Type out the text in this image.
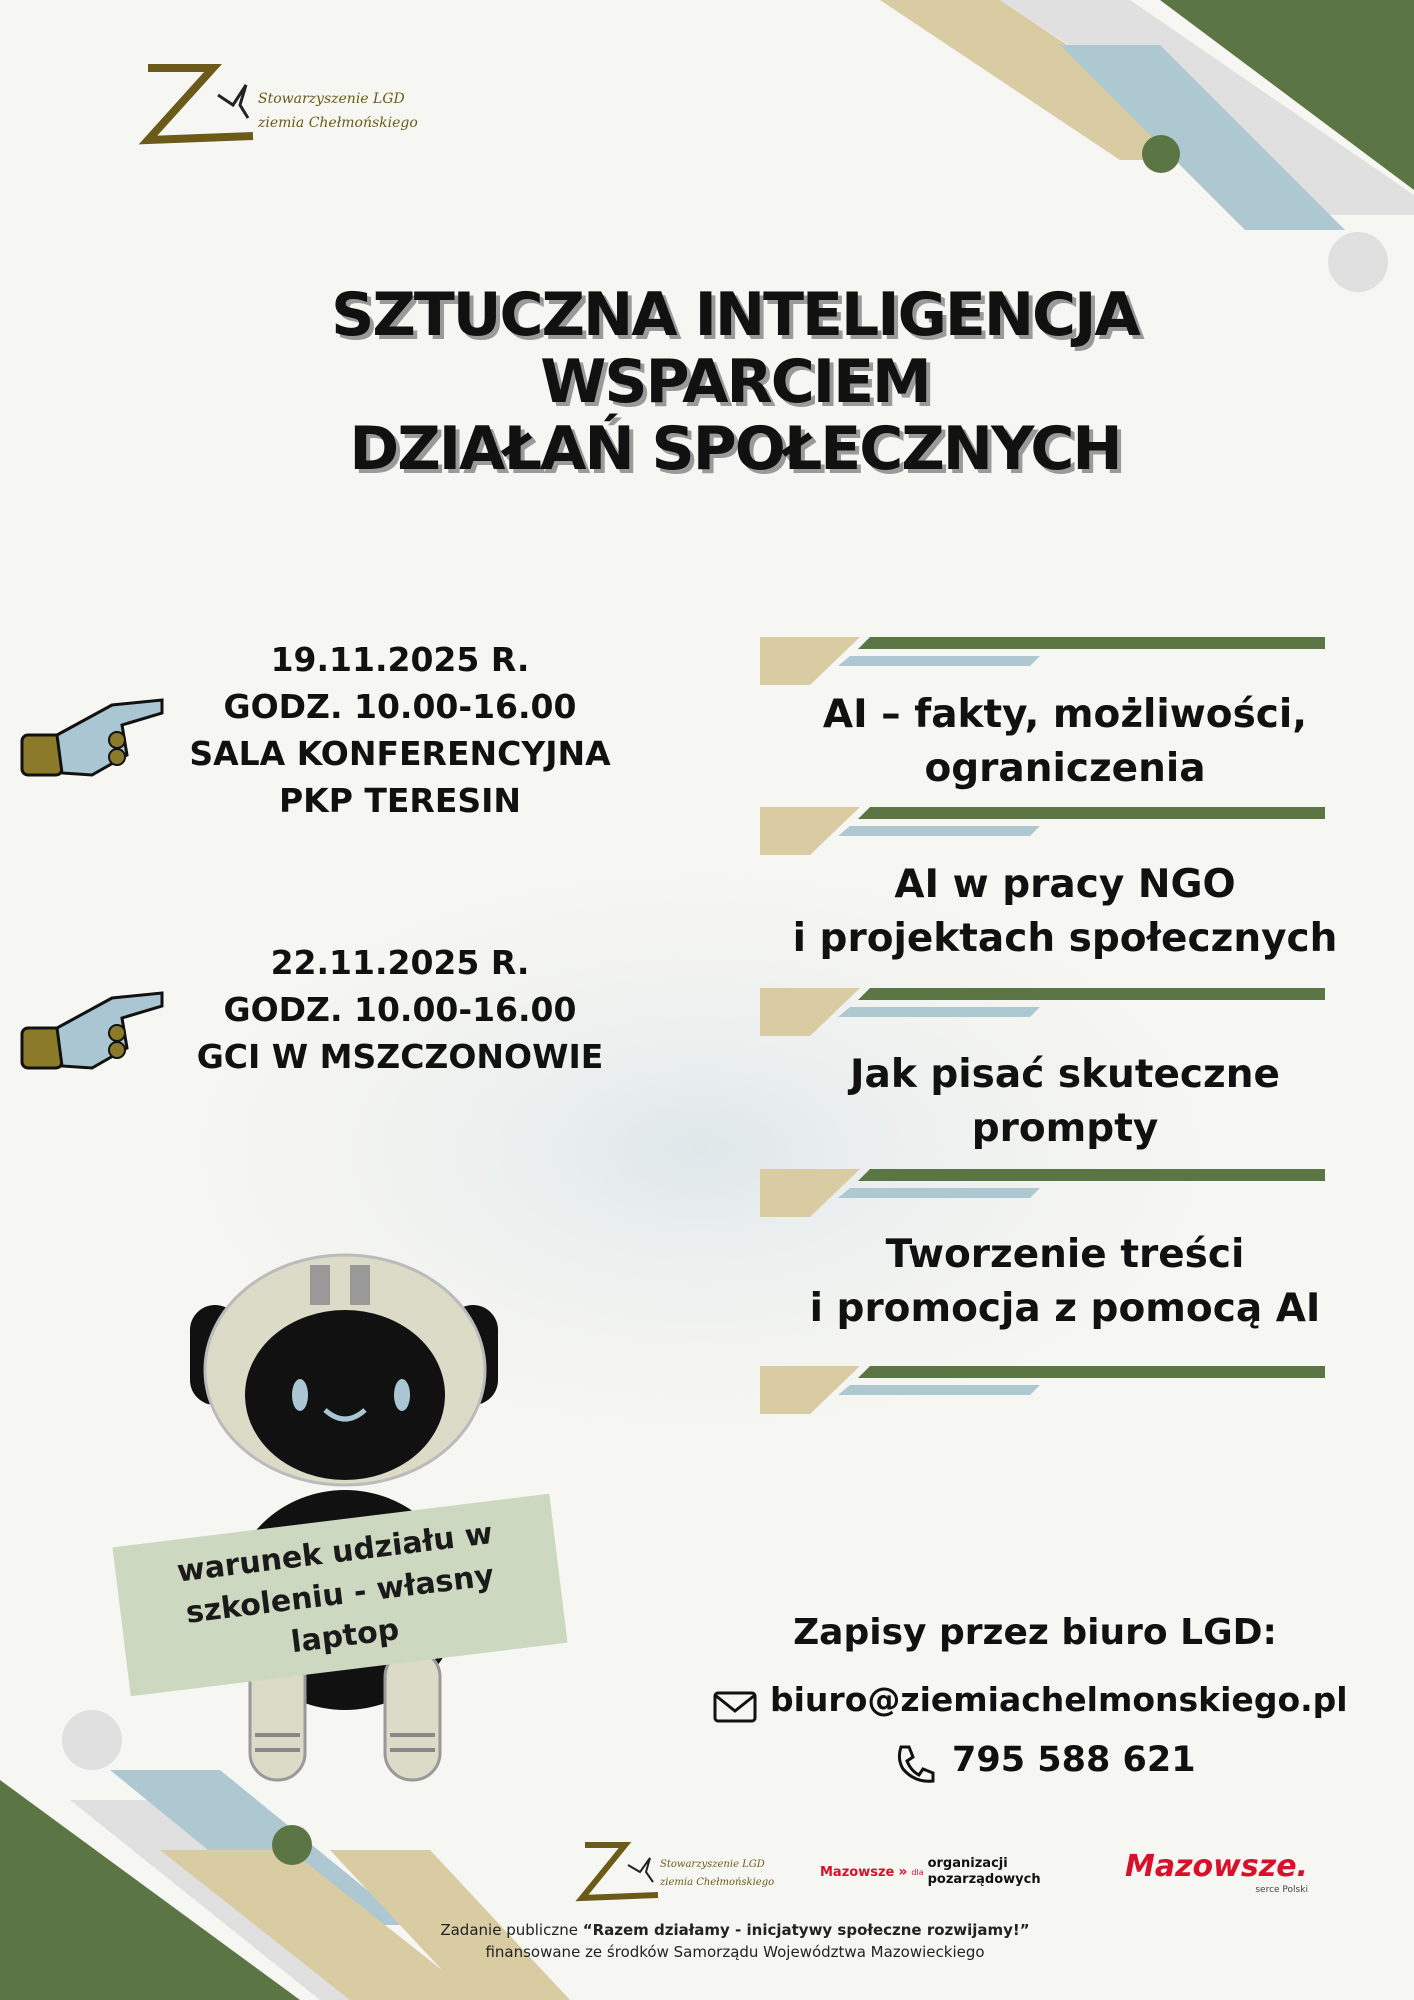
Stowarzyszenie LGD
ziemia Chełmońskiego
SZTUCZNA INTELIGENCJA
WSPARCIEM
DZIAŁAŃ SPOŁECZNYCH
19.11.2025 R.
GODZ. 10.00-16.00
SALA KONFERENCYJNA
PKP TERESIN
22.11.2025 R.
GODZ. 10.00-16.00
GCI W MSZCZONOWIE
AI – fakty, możliwości,
ograniczenia
AI w pracy NGO
i projektach społecznych
Jak pisać skuteczne
prompty
Tworzenie treści
i promocja z pomocą AI
warunek udziału w szkoleniu - własny laptop	Zapisy przez biuro LGD:
biuro@ziemiachelmonskiego.pl
795 588 621
Stowarzyszenie LGD
ziemia Chełmońskiego
Mazowsze » dla
organizacji
pozarządowych	Mazowsze.
serce Polski
Zadanie publiczne “Razem działamy - inicjatywy społeczne rozwijamy!”
finansowane ze środków Samorządu Województwa Mazowieckiego
